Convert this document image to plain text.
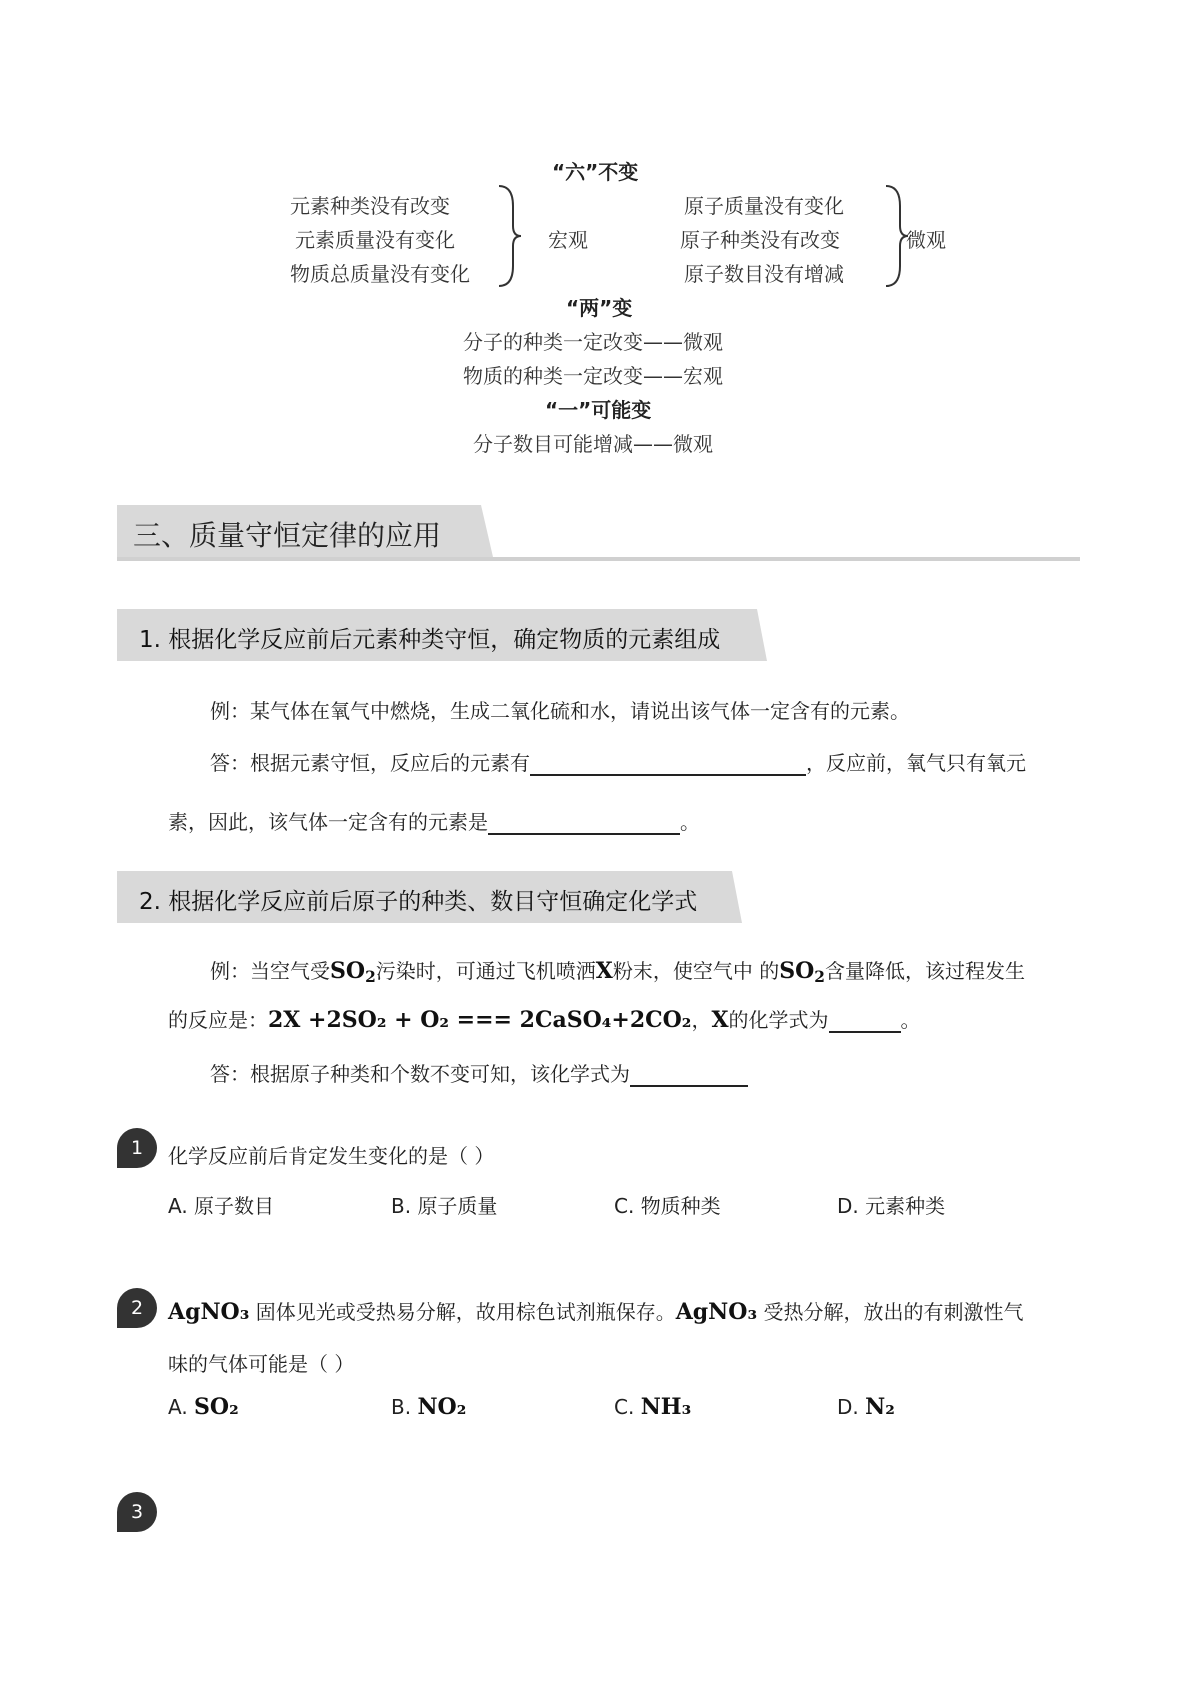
“六”不变
元素种类没有改变
元素质量没有变化
物质总质量没有变化
宏观
原子质量没有变化
原子种类没有改变
原子数目没有增减
微观
“两”变
分子的种类一定改变——微观
物质的种类一定改变——宏观
“一”可能变
分子数目可能增减——微观
三、质量守恒定律的应用
1. 根据化学反应前后元素种类守恒，确定物质的元素组成
例：某气体在氧气中燃烧，生成二氧化硫和水，请说出该气体一定含有的元素。
答：根据元素守恒，反应后的元素有	，反应前，氧气只有氧元
素，因此，该气体一定含有的元素是	。
2. 根据化学反应前后原子的种类、数目守恒确定化学式
例：当空气受$SO_2$污染时，可通过飞机喷洒X粉末，使空气中 的$SO_2$含量降低，该过程发生
的反应是：2X +2SO₂ + O₂ === 2CaSO₄+2CO₂，X的化学式为	。
答：根据原子种类和个数不变可知，该化学式为
1	化学反应前后肯定发生变化的是（ ）
A. 原子数目	B. 原子质量	C. 物质种类	D. 元素种类
2	AgNO₃ 固体见光或受热易分解，故用棕色试剂瓶保存。AgNO₃ 受热分解，放出的有刺激性气
味的气体可能是（ ）
A. SO₂	B. NO₂	C. NH₃	D. N₂
3
